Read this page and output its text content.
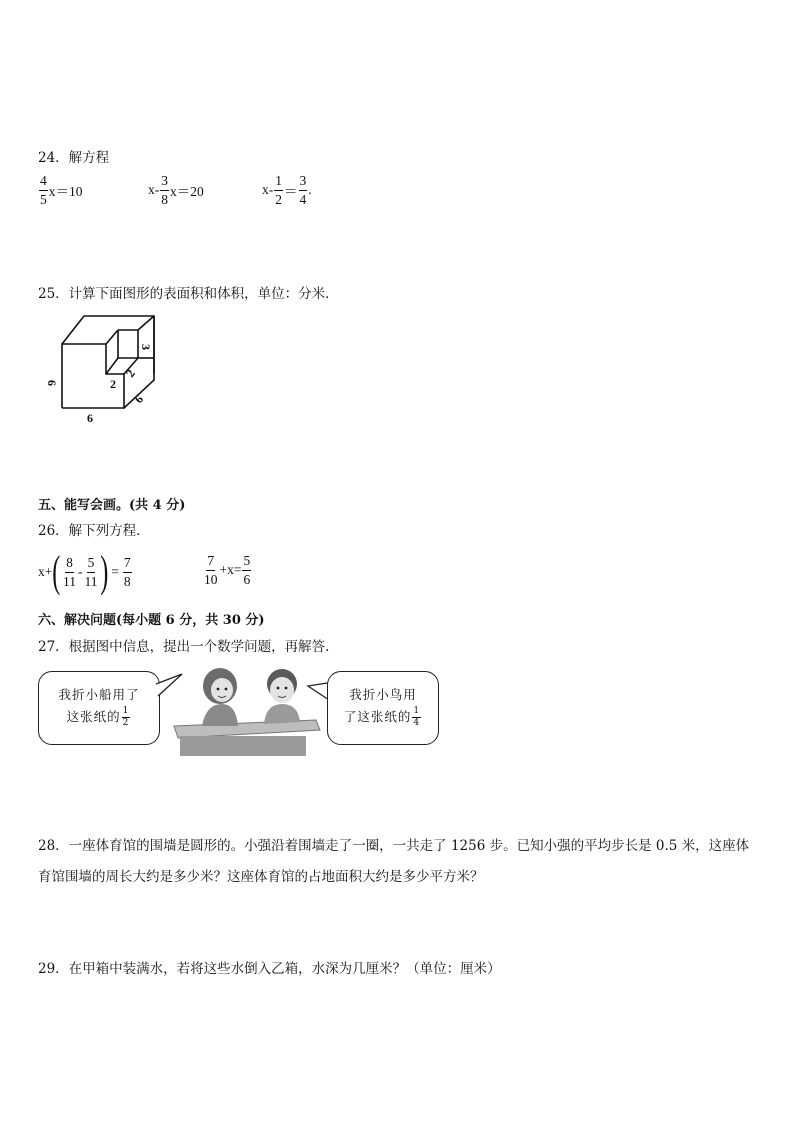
24．解方程
$\frac{4}{5} x=10$	$x- \frac{3}{8} x=20$	$x- \frac{1}{2} = \frac{3}{4}$ .
25．计算下面图形的表面积和体积，单位：分米．
6
6
6
2
2
3
五、能写会画。(共 4 分)
26．解下列方程．
x+ ( $\frac{8}{11} - \frac{5}{11}$ ) = $\frac{7}{8}$	$\frac{7}{10} +x= \frac{5}{6}$
六、解决问题(每小题 6 分，共 30 分)
27．根据图中信息，提出一个数学问题，再解答.
我折小船用了
这张纸的 $\frac{1}{2}$
我折小鸟用
了这张纸的 $\frac{1}{4}$
28．一座体育馆的围墙是圆形的。小强沿着围墙走了一圈，一共走了 1256 步。已知小强的平均步长是 0.5 米，这座体
育馆围墙的周长大约是多少米？这座体育馆的占地面积大约是多少平方米？
29．在甲箱中装满水，若将这些水倒入乙箱，水深为几厘米？（单位：厘米）
